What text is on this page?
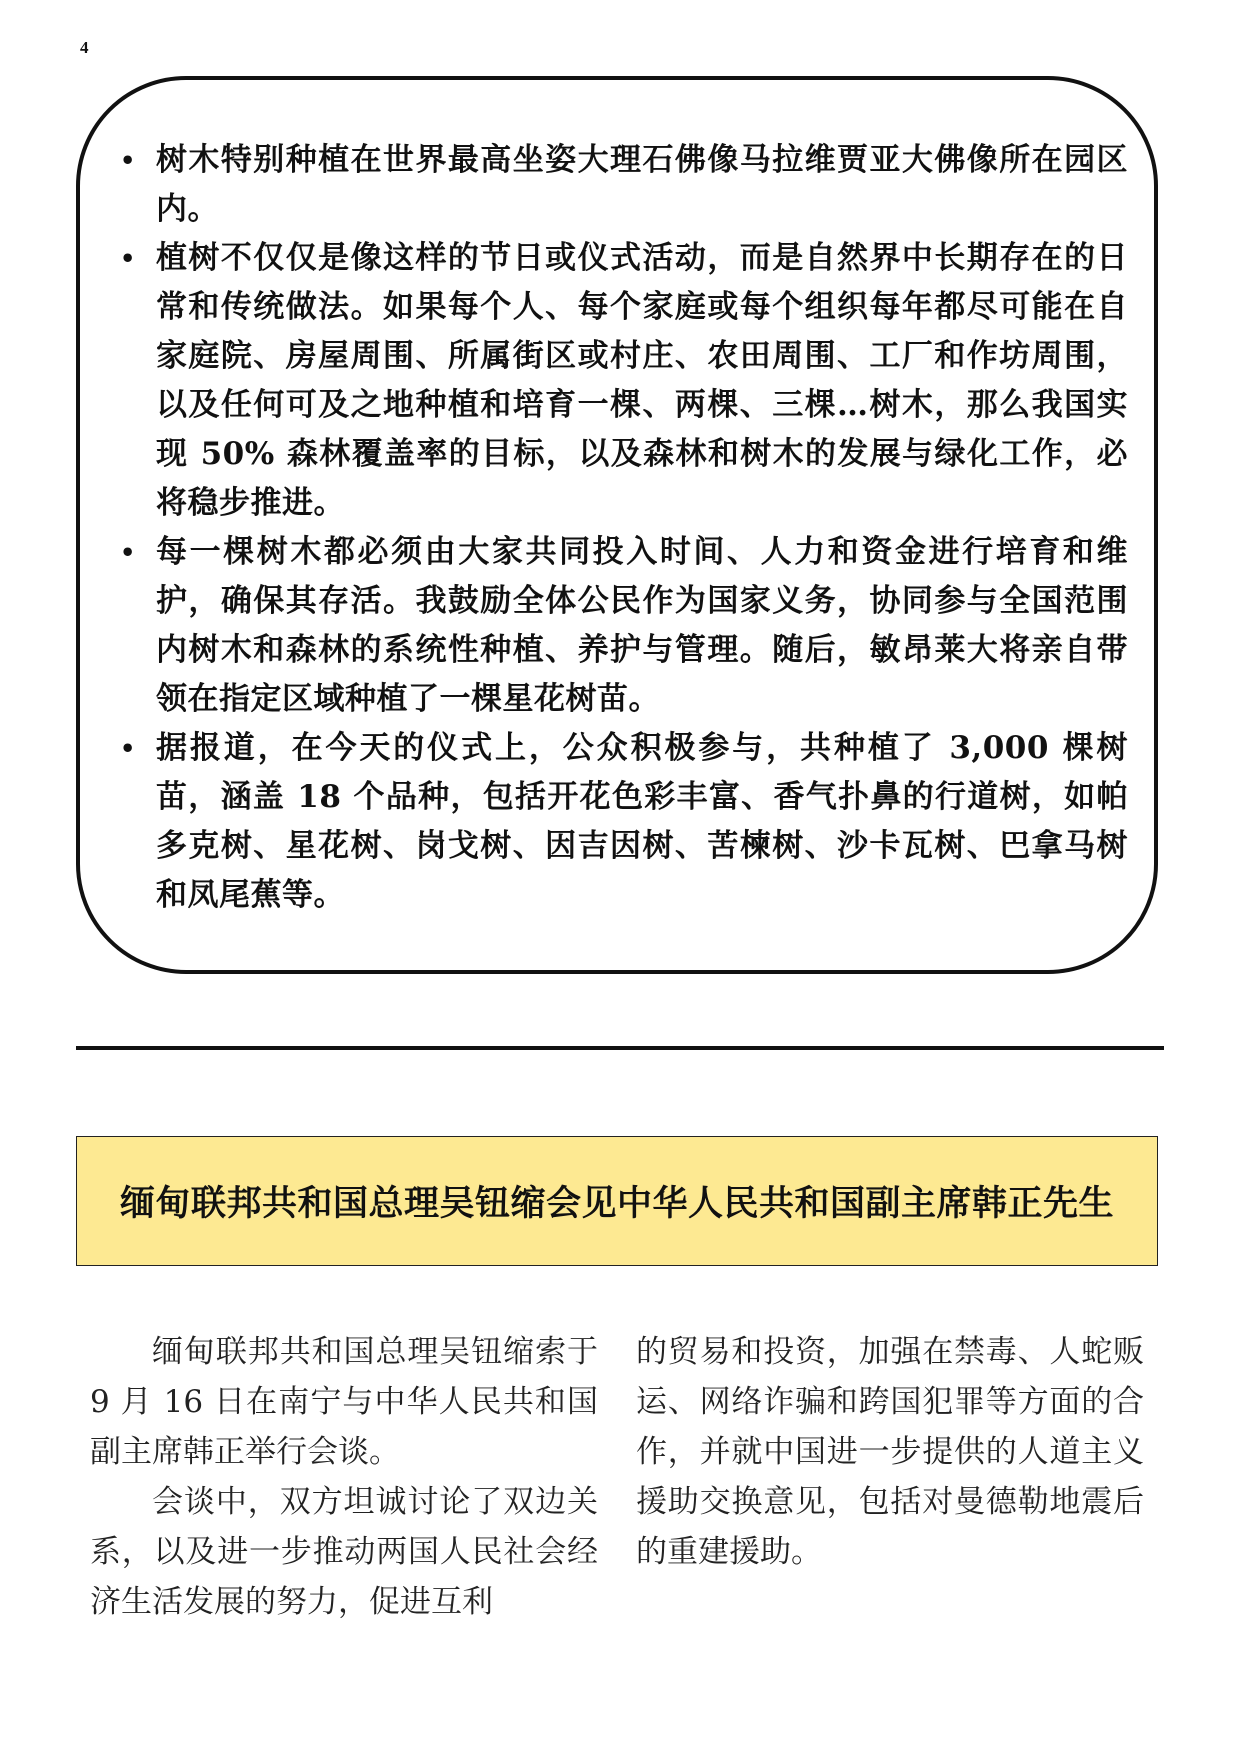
4
• 树木特别种植在世界最高坐姿大理石佛像马拉维贾亚大佛像所在园区内。
• 植树不仅仅是像这样的节日或仪式活动，而是自然界中长期存在的日常和传统做法。如果每个人、每个家庭或每个组织每年都尽可能在自家庭院、房屋周围、所属街区或村庄、农田周围、工厂和作坊周围，以及任何可及之地种植和培育一棵、两棵、三棵…树木，那么我国实现 50% 森林覆盖率的目标，以及森林和树木的发展与绿化工作，必将稳步推进。
• 每一棵树木都必须由大家共同投入时间、人力和资金进行培育和维护，确保其存活。我鼓励全体公民作为国家义务，协同参与全国范围内树木和森林的系统性种植、养护与管理。随后，敏昂莱大将亲自带领在指定区域种植了一棵星花树苗。
• 据报道，在今天的仪式上，公众积极参与，共种植了 3,000 棵树苗，涵盖 18 个品种，包括开花色彩丰富、香气扑鼻的行道树，如帕多克树、星花树、岗戈树、因吉因树、苦楝树、沙卡瓦树、巴拿马树和凤尾蕉等。
缅甸联邦共和国总理吴钮缩会见中华人民共和国副主席韩正先生

缅甸联邦共和国总理吴钮缩索于 9 月 16 日在南宁与中华人民共和国副主席韩正举行会谈。

会谈中，双方坦诚讨论了双边关系，以及进一步推动两国人民社会经济生活发展的努力，促进互利

的贸易和投资，加强在禁毒、人蛇贩运、网络诈骗和跨国犯罪等方面的合作，并就中国进一步提供的人道主义援助交换意见，包括对曼德勒地震后的重建援助。
